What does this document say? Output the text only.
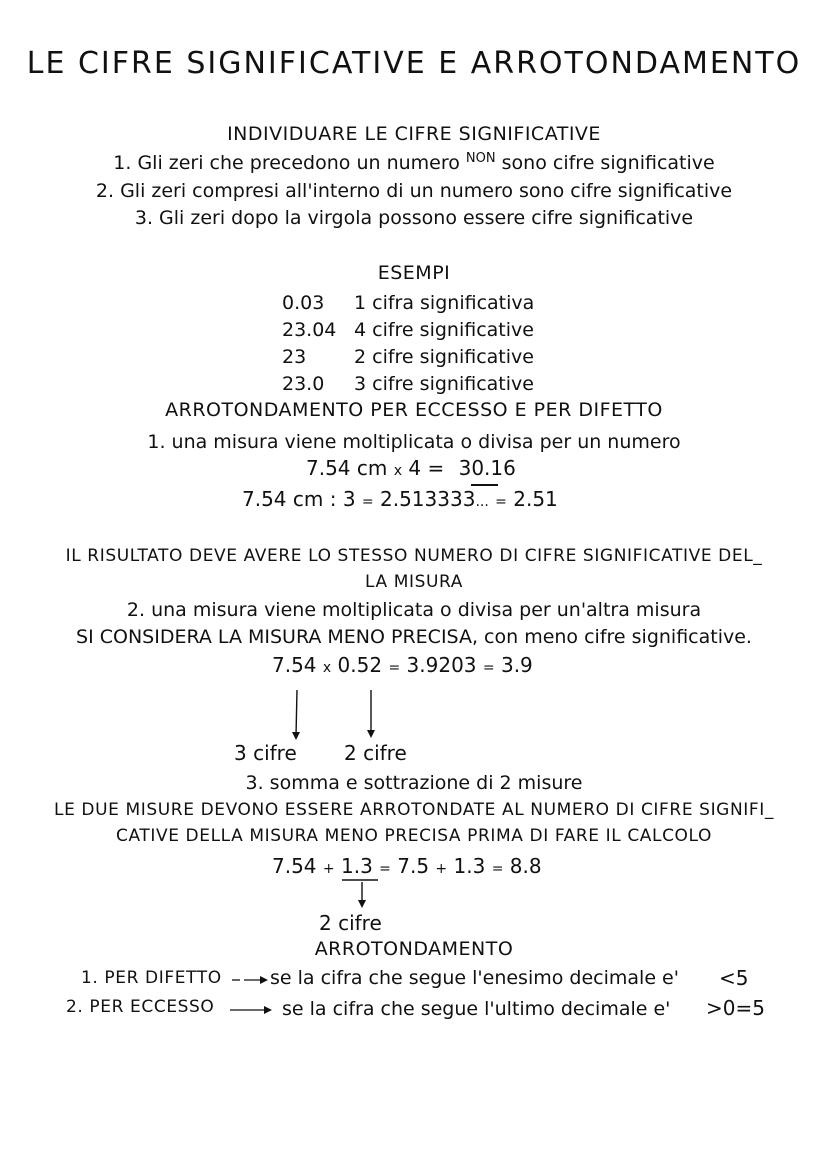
LE CIFRE SIGNIFICATIVE E ARROTONDAMENTO
INDIVIDUARE LE CIFRE SIGNIFICATIVE
1. Gli zeri che precedono un numero $^{NON}$ sono cifre significative
2. Gli zeri compresi all'interno di un numero sono cifre significative
3. Gli zeri dopo la virgola possono essere cifre significative
ESEMPI
0.03 1 cifra significativa
23.04 4 cifre significative
23	2 cifre significative
23.0 3 cifre significative
ARROTONDAMENTO PER ECCESSO E PER DIFETTO
1. una misura viene moltiplicata o divisa per un numero
7.54 cm x 4 = 30.16
7.54 cm : 3 = 2.513333... = 2.51
IL RISULTATO DEVE AVERE LO STESSO NUMERO DI CIFRE SIGNIFICATIVE DEL_
LA MISURA
2. una misura viene moltiplicata o divisa per un'altra misura
SI CONSIDERA LA MISURA MENO PRECISA, con meno cifre significative.
7.54 x 0.52 = 3.9203 = 3.9
3 cifre 2 cifre
3. somma e sottrazione di 2 misure
LE DUE MISURE DEVONO ESSERE ARROTONDATE AL NUMERO DI CIFRE SIGNIFI_
CATIVE DELLA MISURA MENO PRECISA PRIMA DI FARE IL CALCOLO
7.54 + 1.3 = 7.5 + 1.3 = 8.8
2 cifre
ARROTONDAMENTO
1. PER DIFETTO	se la cifra che segue l'enesimo decimale e' <5
2. PER ECCESSO	se la cifra che segue l'ultimo decimale e' >0=5
